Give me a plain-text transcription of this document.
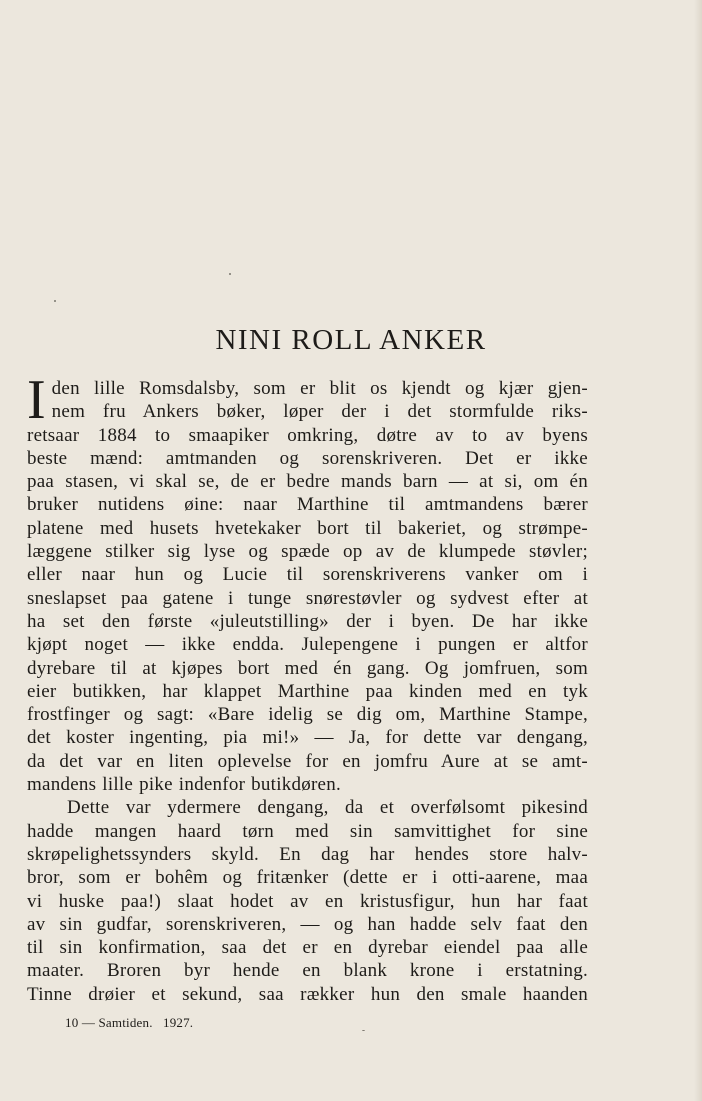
NINI ROLL ANKER
I den lille Romsdalsby, som er blit os kjendt og kjær gjen-

nem fru Ankers bøker, løper der i det stormfulde riks-

retsaar 1884 to smaapiker omkring, døtre av to av byens

beste mænd: amtmanden og sorenskriveren. Det er ikke

paa stasen, vi skal se, de er bedre mands barn — at si, om én

bruker nutidens øine: naar Marthine til amtmandens bærer

platene med husets hvetekaker bort til bakeriet, og strømpe-

læggene stilker sig lyse og spæde op av de klumpede støvler;

eller naar hun og Lucie til sorenskriverens vanker om i

sneslapset paa gatene i tunge snørestøvler og sydvest efter at

ha set den første «juleutstilling» der i byen. De har ikke

kjøpt noget — ikke endda. Julepengene i pungen er altfor

dyrebare til at kjøpes bort med én gang. Og jomfruen, som

eier butikken, har klappet Marthine paa kinden med en tyk

frostfinger og sagt: «Bare idelig se dig om, Marthine Stampe,

det koster ingenting, pia mi!» — Ja, for dette var dengang,

da det var en liten oplevelse for en jomfru Aure at se amt-

mandens lille pike indenfor butikdøren.

Dette var ydermere dengang, da et overfølsomt pikesind

hadde mangen haard tørn med sin samvittighet for sine

skrøpelighetssynders skyld. En dag har hendes store halv-

bror, som er bohêm og fritænker (dette er i otti-aarene, maa

vi huske paa!) slaat hodet av en kristusfigur, hun har faat

av sin gudfar, sorenskriveren, — og han hadde selv faat den

til sin konfirmation, saa det er en dyrebar eiendel paa alle

maater. Broren byr hende en blank krone i erstatning.

Tinne drøier et sekund, saa rækker hun den smale haanden

10 — Samtiden.   1927.
